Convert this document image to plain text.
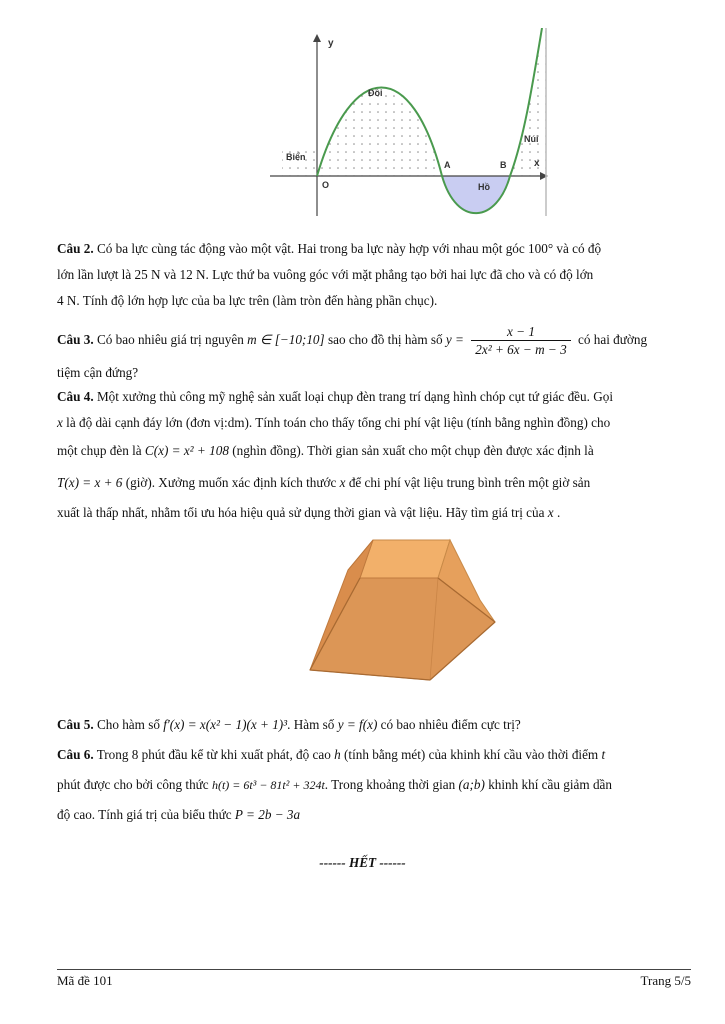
y
x
O
Đồi
Biển
Hồ
Núi
A	B
Câu 2. Có ba lực cùng tác động vào một vật. Hai trong ba lực này hợp với nhau một góc 100° và có độ
lớn lần lượt là 25 N và 12 N. Lực thứ ba vuông góc với mặt phẳng tạo bởi hai lực đã cho và có độ lớn
4 N. Tính độ lớn hợp lực của ba lực trên (làm tròn đến hàng phần chục).
Câu 3. Có bao nhiêu giá trị nguyên m ∈ [−10;10] sao cho đồ thị hàm số $y = \frac{x - 1}{\text{2x² + 6x − m − 3}}$ có hai đường
tiệm cận đứng?
Câu 4. Một xưởng thủ công mỹ nghệ sản xuất loại chụp đèn trang trí dạng hình chóp cụt tứ giác đều. Gọi
x là độ dài cạnh đáy lớn (đơn vị:dm). Tính toán cho thấy tổng chi phí vật liệu (tính bằng nghìn đồng) cho
một chụp đèn là C(x) = x² + 108 (nghìn đồng). Thời gian sản xuất cho một chụp đèn được xác định là
T(x) = x + 6 (giờ). Xưởng muốn xác định kích thước x để chi phí vật liệu trung bình trên một giờ sản
xuất là thấp nhất, nhằm tối ưu hóa hiệu quả sử dụng thời gian và vật liệu. Hãy tìm giá trị của x .
Câu 5. Cho hàm số f′(x) = x(x² − 1)(x + 1)³. Hàm số y = f(x) có bao nhiêu điểm cực trị?
Câu 6. Trong 8 phút đầu kể từ khi xuất phát, độ cao h (tính bằng mét) của khinh khí cầu vào thời điểm t
phút được cho bởi công thức h(t) = 6t³ − 81t² + 324t. Trong khoảng thời gian (a;b) khinh khí cầu giảm dần
độ cao. Tính giá trị của biểu thức P = 2b − 3a
------ HẾT ------
Mã đề 101	Trang 5/5
